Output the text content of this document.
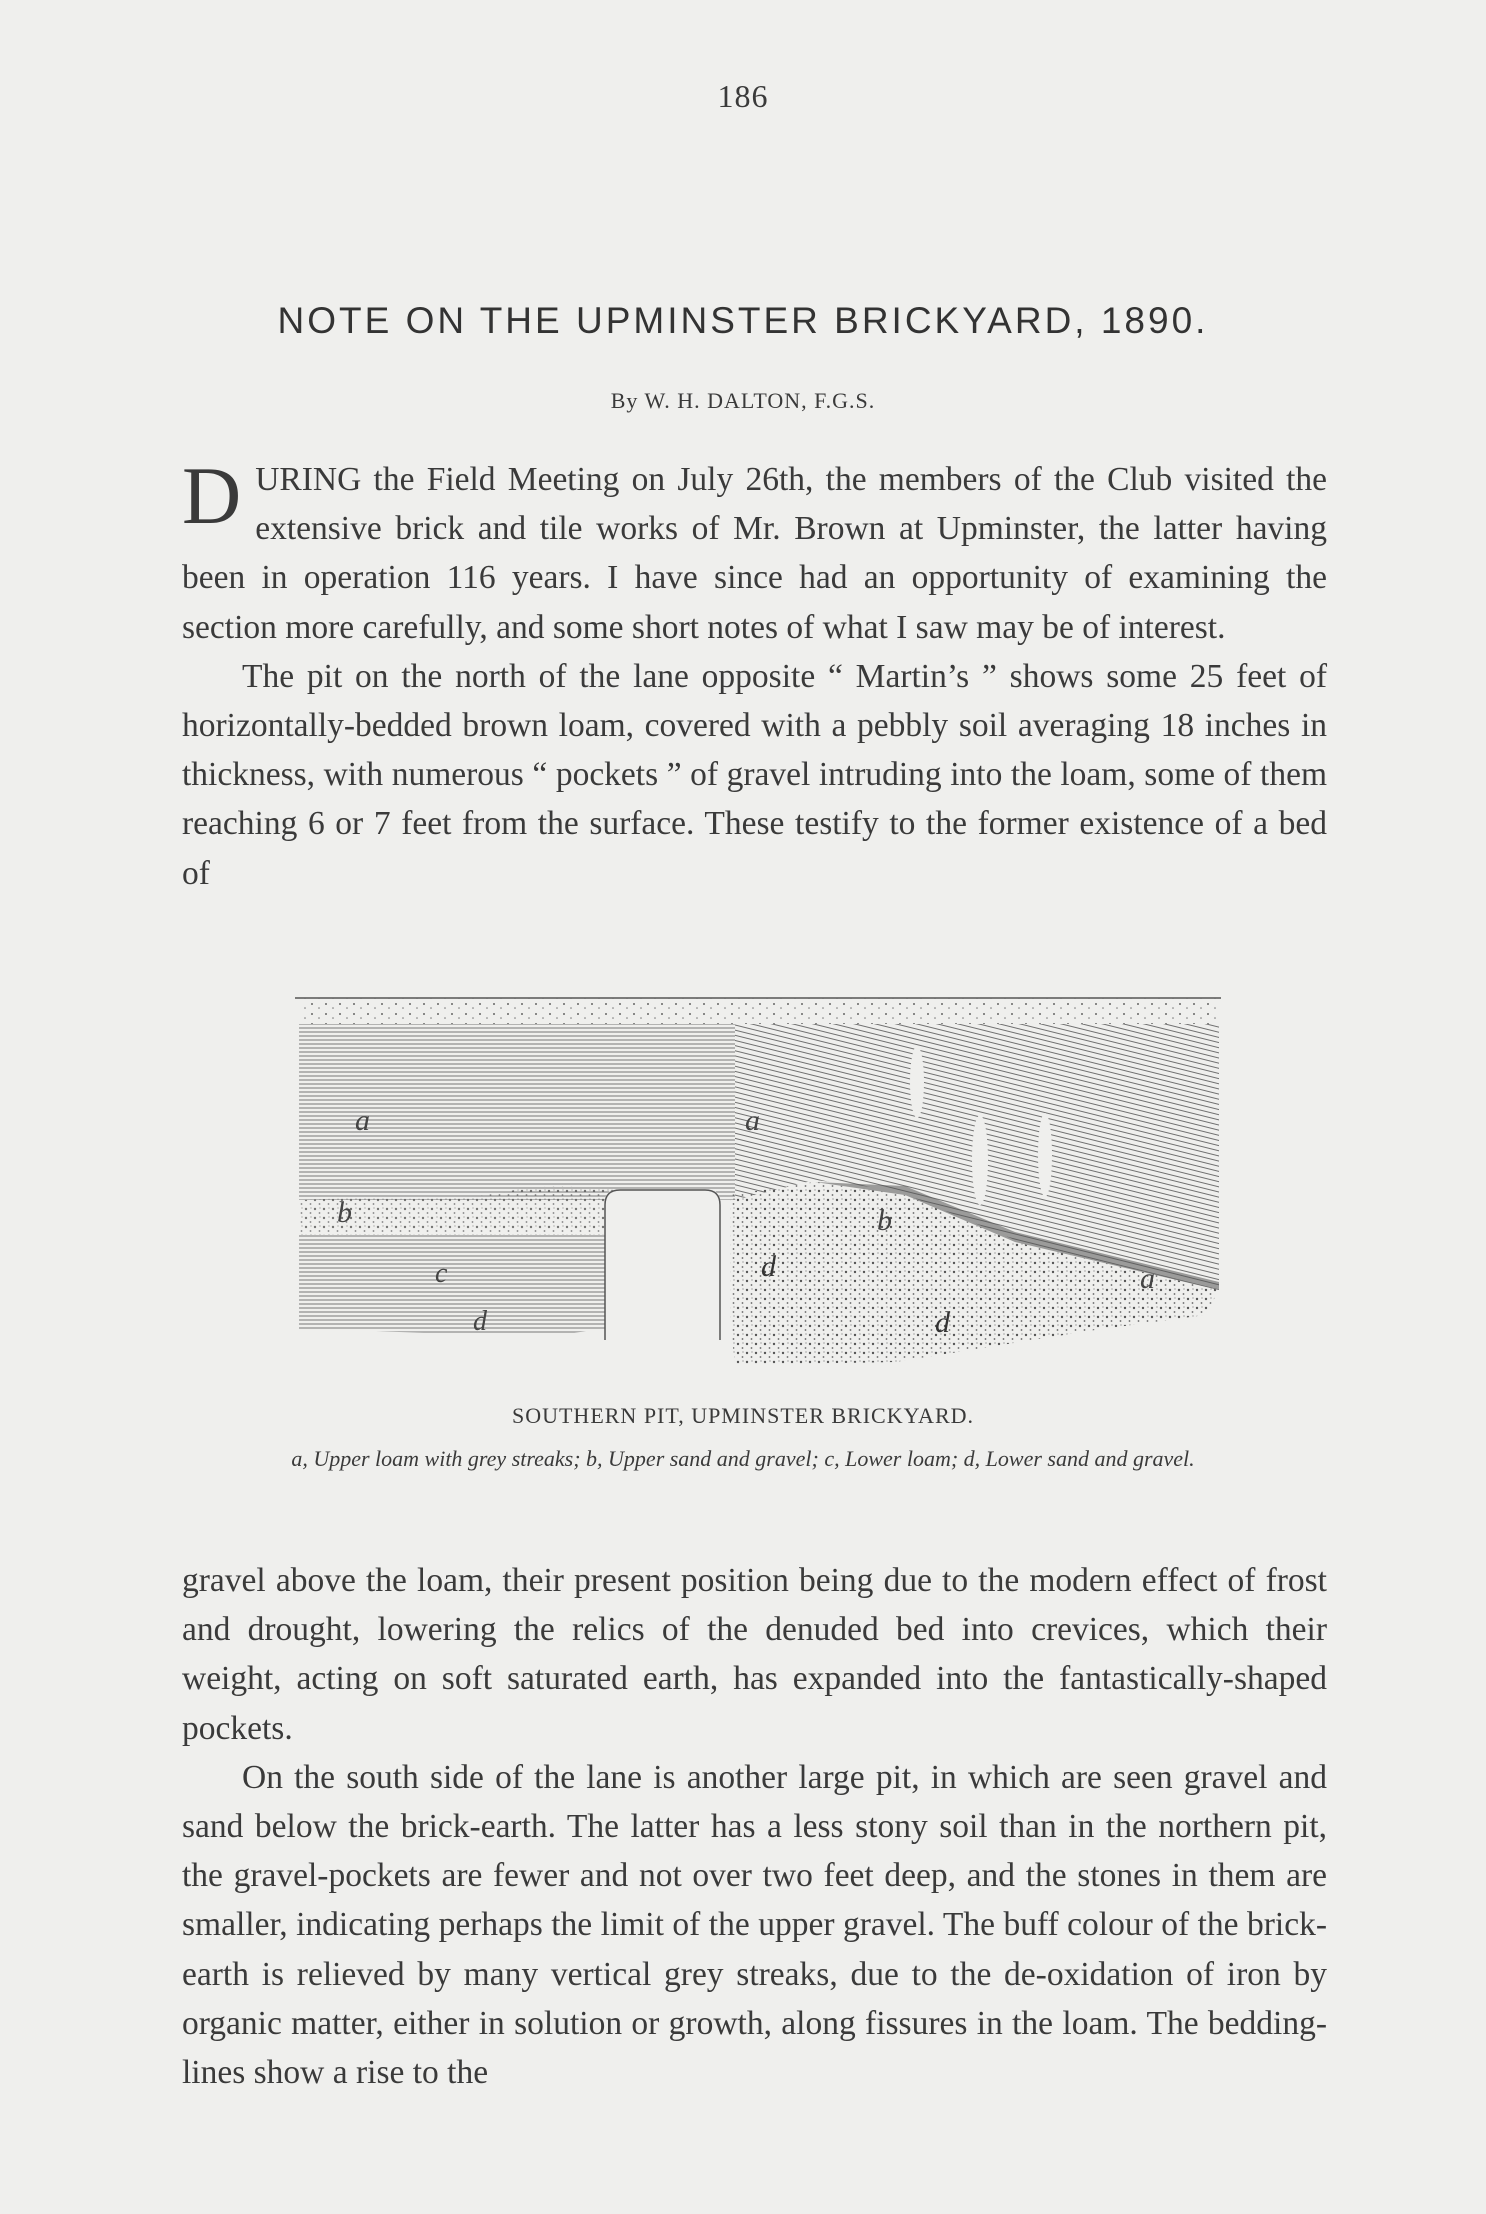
186
NOTE ON THE UPMINSTER BRICKYARD, 1890.
By W. H. DALTON, F.G.S.

DURING the Field Meeting on July 26th, the members of the Club visited the extensive brick and tile works of Mr. Brown at Upminster, the latter having been in operation 116 years. I have since had an opportunity of examining the section more carefully, and some short notes of what I saw may be of interest.

The pit on the north of the lane opposite “ Martin’s ” shows some 25 feet of horizontally-bedded brown loam, covered with a pebbly soil averaging 18 inches in thickness, with numerous “ pockets ” of gravel intruding into the loam, some of them reaching 6 or 7 feet from the surface. These testify to the former existence of a bed of

a	a
a
b	b
c
d
d
d
SOUTHERN PIT, UPMINSTER BRICKYARD.
a, Upper loam with grey streaks; b, Upper sand and gravel; c, Lower loam; d, Lower sand and gravel.

gravel above the loam, their present position being due to the modern effect of frost and drought, lowering the relics of the denuded bed into crevices, which their weight, acting on soft saturated earth, has expanded into the fantastically-shaped pockets.

On the south side of the lane is another large pit, in which are seen gravel and sand below the brick-earth. The latter has a less stony soil than in the northern pit, the gravel-pockets are fewer and not over two feet deep, and the stones in them are smaller, indicating perhaps the limit of the upper gravel. The buff colour of the brick-earth is relieved by many vertical grey streaks, due to the de-oxidation of iron by organic matter, either in solution or growth, along fissures in the loam. The bedding-lines show a rise to the
